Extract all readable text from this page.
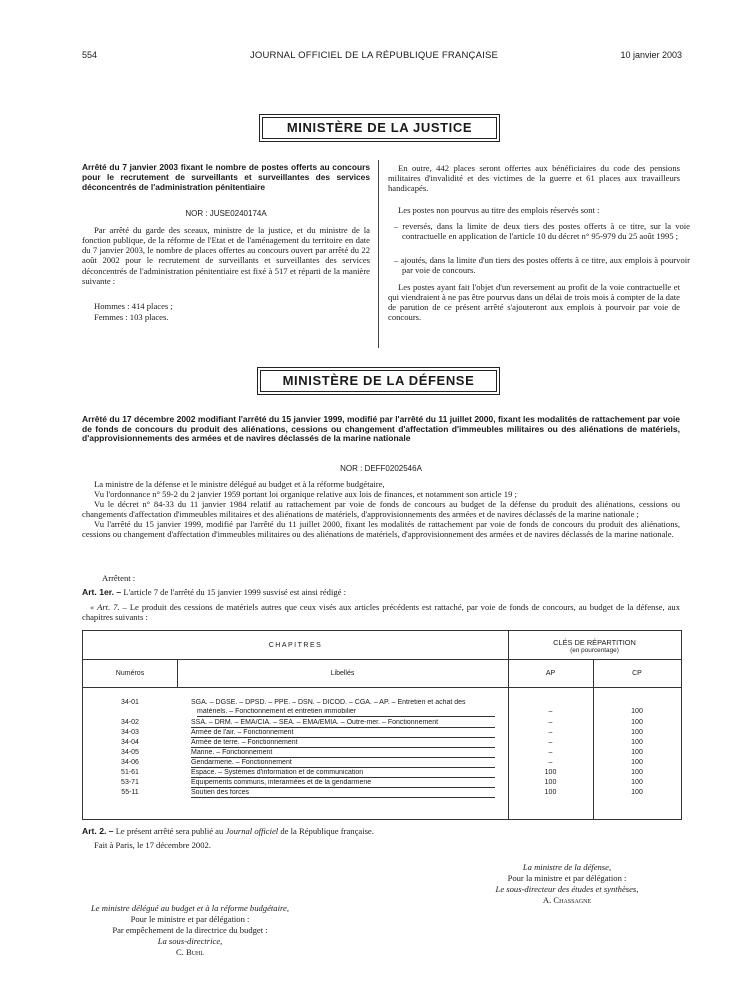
554	JOURNAL OFFICIEL DE LA RÉPUBLIQUE FRANÇAISE	10 janvier 2003
MINISTÈRE DE LA JUSTICE
Arrêté du 7 janvier 2003 fixant le nombre de postes offerts au concours pour le recrutement de surveillants et surveillantes des services déconcentrés de l'administration pénitentiaire
NOR : JUSE0240174A
Par arrêté du garde des sceaux, ministre de la justice, et du ministre de la fonction publique, de la réforme de l'Etat et de l'aménagement du territoire en date du 7 janvier 2003, le nombre de places offertes au concours ouvert par arrêté du 22 août 2002 pour le recrutement de surveillants et surveillantes des services déconcentrés de l'administration pénitentiaire est fixé à 517 et réparti de la manière suivante :
Hommes : 414 places ;
Femmes : 103 places.
En outre, 442 places seront offertes aux bénéficiaires du code des pensions militaires d'invalidité et des victimes de la guerre et 61 places aux travailleurs handicapés.
Les postes non pourvus au titre des emplois réservés sont :
– reversés, dans la limite de deux tiers des postes offerts à ce titre, sur la voie contractuelle en application de l'article 10 du décret n° 95-979 du 25 août 1995 ;
– ajoutés, dans la limite d'un tiers des postes offerts à ce titre, aux emplois à pourvoir par voie de concours.
Les postes ayant fait l'objet d'un reversement au profit de la voie contractuelle et qui viendraient à ne pas être pourvus dans un délai de trois mois à compter de la date de parution de ce présent arrêté s'ajouteront aux emplois à pourvoir par voie de concours.
MINISTÈRE DE LA DÉFENSE
Arrêté du 17 décembre 2002 modifiant l'arrêté du 15 janvier 1999, modifié par l'arrêté du 11 juillet 2000, fixant les modalités de rattachement par voie de fonds de concours du produit des aliénations, cessions ou changement d'affectation d'immeubles militaires ou des aliénations de matériels, d'approvisionnements des armées et de navires déclassés de la marine nationale
NOR : DEFF0202546A

La ministre de la défense et le ministre délégué au budget et à la réforme budgétaire,

Vu l'ordonnance n° 59-2 du 2 janvier 1959 portant loi organique relative aux lois de finances, et notamment son article 19 ;

Vu le décret n° 84-33 du 11 janvier 1984 relatif au rattachement par voie de fonds de concours au budget de la défense du produit des aliénations, cessions ou changements d'affectation d'immeubles militaires et des aliénations de matériels, d'approvisionnements des armées et de navires déclassés de la marine nationale ;

Vu l'arrêté du 15 janvier 1999, modifié par l'arrêté du 11 juillet 2000, fixant les modalités de rattachement par voie de fonds de concours du produit des aliénations, cessions ou changement d'affectation d'immeubles militaires ou des aliénations de matériels, d'approvisionnement des armées et de navires déclassés de la marine nationale.

Arrêtent :
Art. 1er. – L'article 7 de l'arrêté du 15 janvier 1999 susvisé est ainsi rédigé :
« Art. 7. – Le produit des cessions de matériels autres que ceux visés aux articles précédents est rattaché, par voie de fonds de concours, au budget de la défense, aux chapitres suivants :
CHAPITRES	CLÉS DE RÉPARTITION
(en pourcentage)
Numéros	Libellés	AP	CP
34-01	SGA. – DGSE. – DPSD. – PPE. – DSN. – DICOD. – CGA. – AP. – Entretien et achat des
matériels. – Fonctionnement et entretien immobilier	–	100
34-02	SSA. – DRM. – EMA/CIA. – SEA. – EMA/EMIA. – Outre-mer. – Fonctionnement	–	100
34-03	Armée de l'air. – Fonctionnement	–	100
34-04	Armée de terre. – Fonctionnement	–	100
34-05	Marine. – Fonctionnement	–	100
34-06	Gendarmerie. – Fonctionnement	–	100
51-61	Espace. – Systèmes d'information et de communication	100	100
53-71	Equipements communs, interarmées et de la gendarmerie	100	100
55-11	Soutien des forces	100	100
Art. 2. – Le présent arrêté sera publié au Journal officiel de la République française.
Fait à Paris, le 17 décembre 2002.
La ministre de la défense,
Pour la ministre et par délégation :
Le sous-directeur des études et synthèses,
A. Chassagne
Le ministre délégué au budget et à la réforme budgétaire,
Pour le ministre et par délégation :
Par empêchement de la directrice du budget :
La sous-directrice,
C. Buhl
